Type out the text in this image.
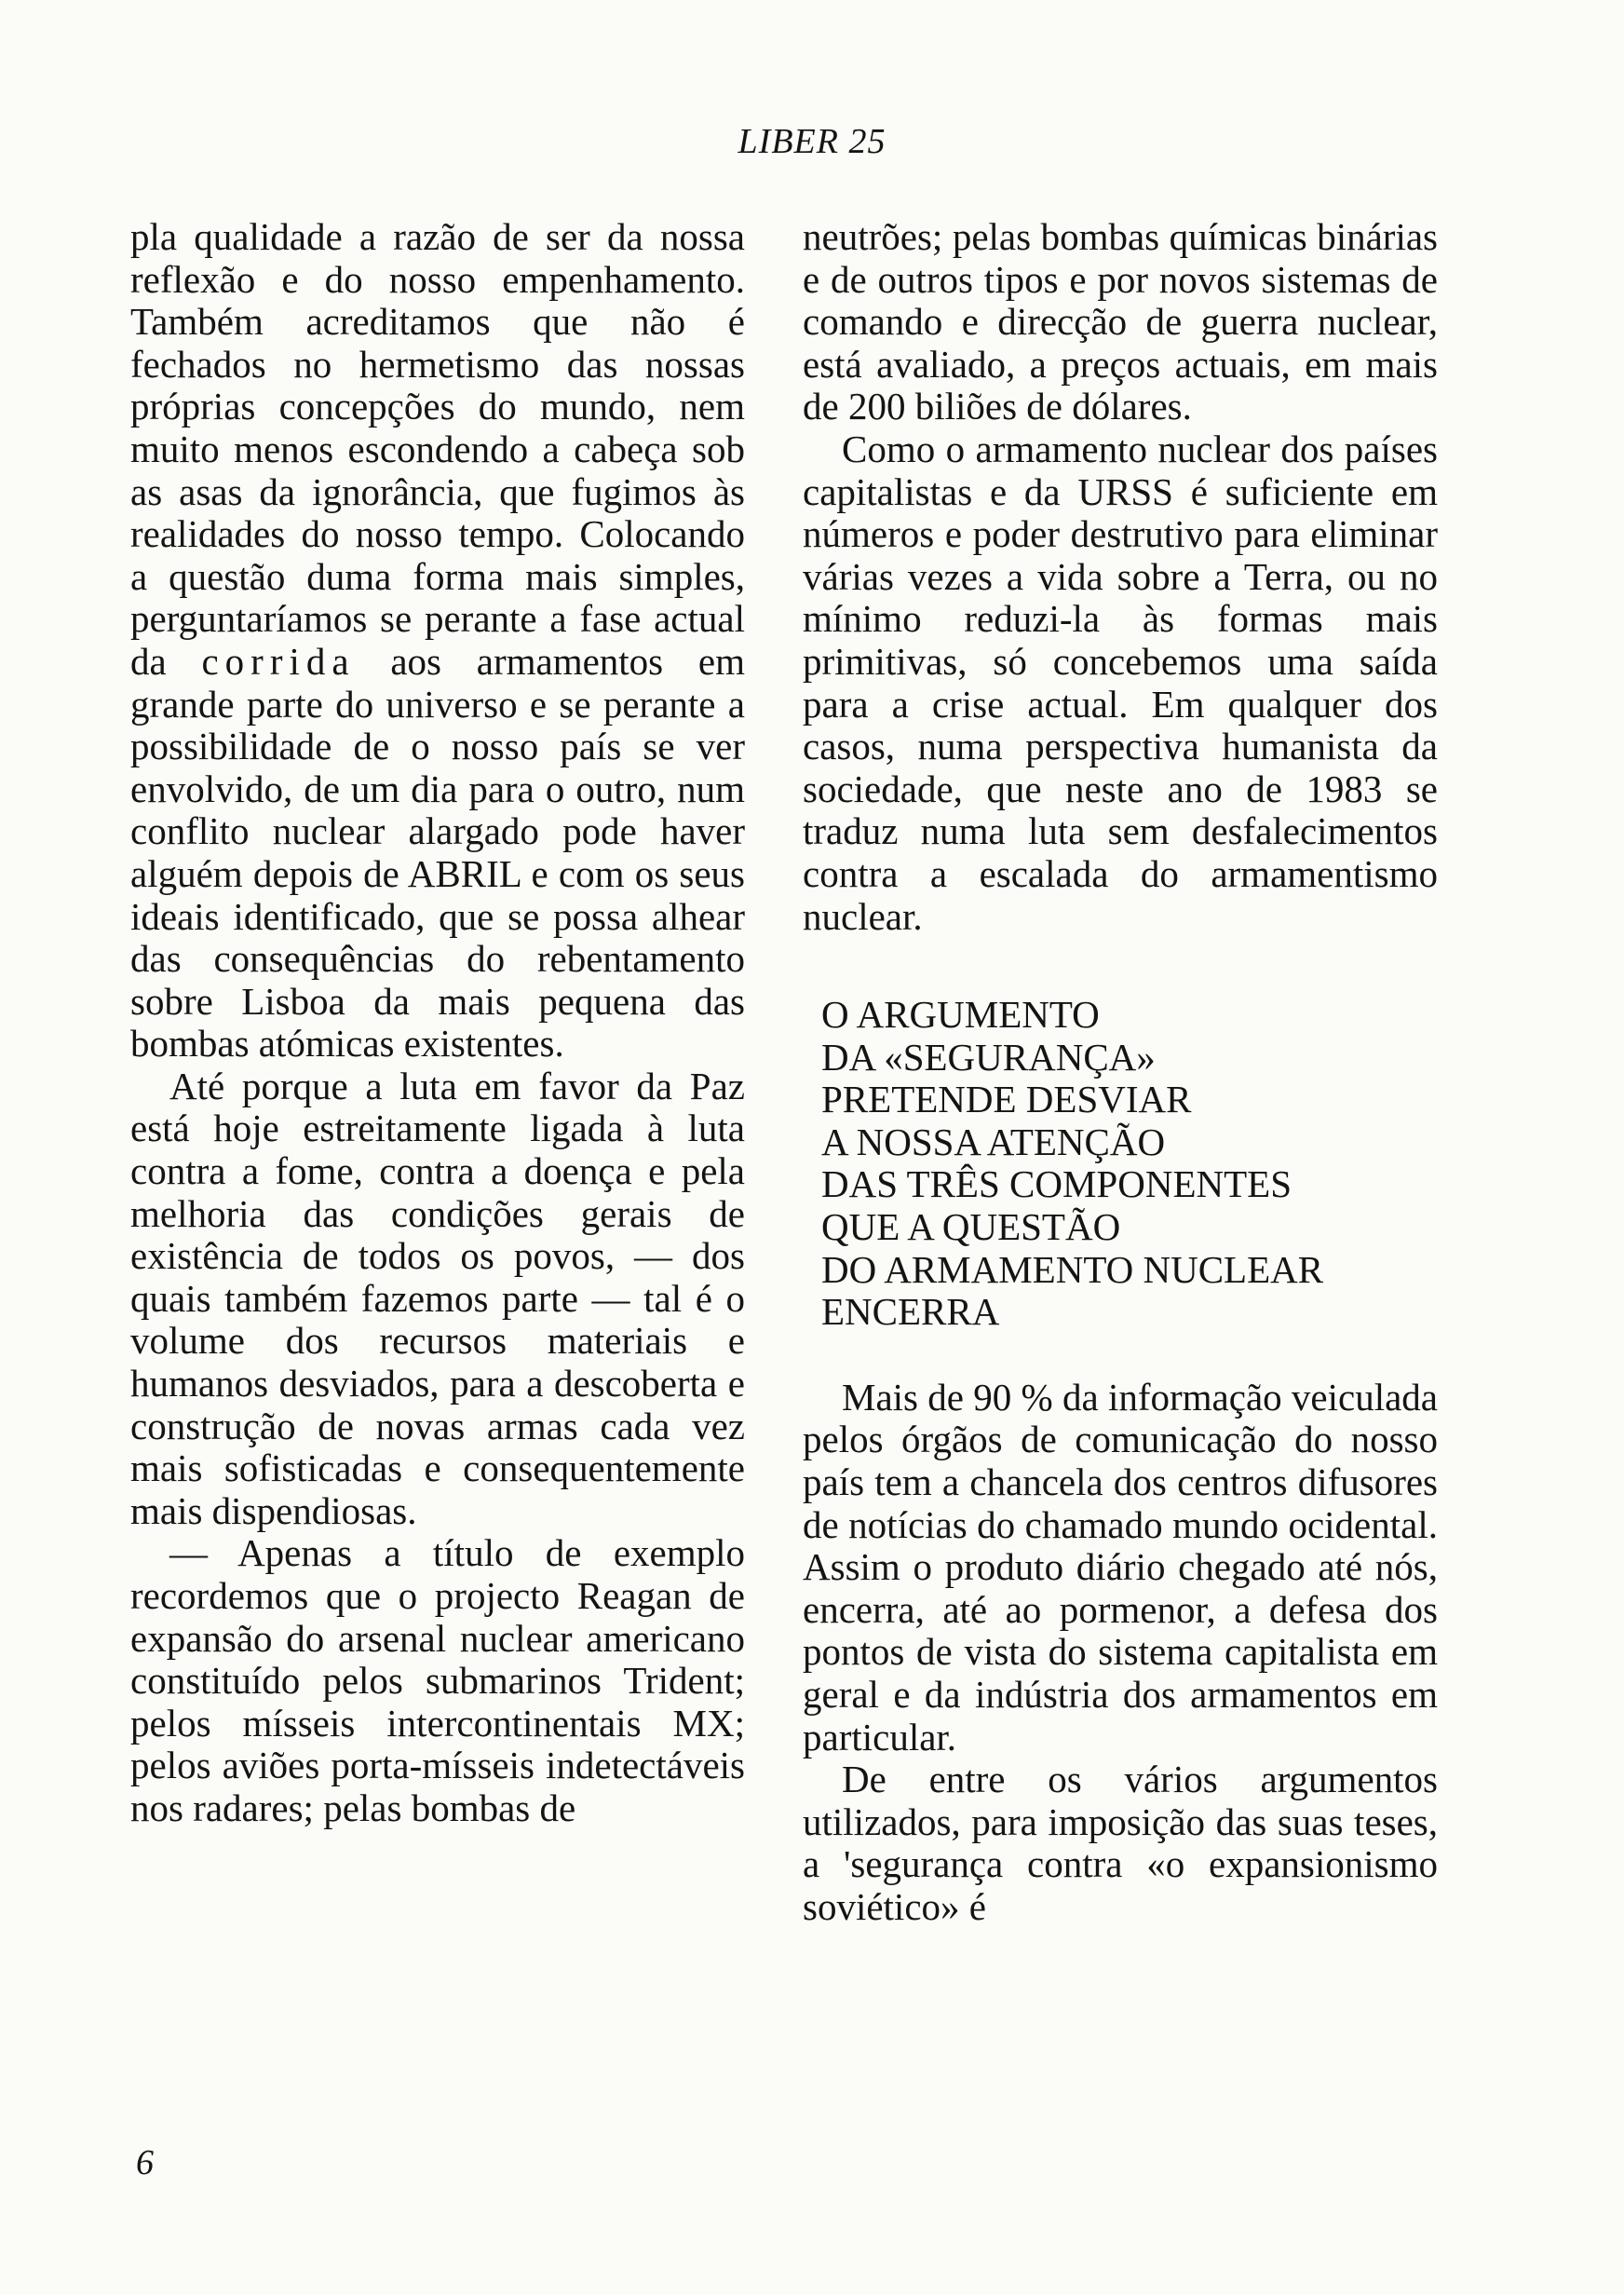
LIBER 25

pla qualidade a razão de ser da nossa reflexão e do nosso empenhamento. Também acreditamos que não é fechados no hermetismo das nossas próprias concepções do mundo, nem muito menos escondendo a cabeça sob as asas da ignorância, que fugimos às realidades do nosso tempo. Colocando a questão duma forma mais simples, perguntaríamos se perante a fase actual da corrida aos armamentos em grande parte do universo e se perante a possibilidade de o nosso país se ver envolvido, de um dia para o outro, num conflito nuclear alargado pode haver alguém depois de ABRIL e com os seus ideais identificado, que se possa alhear das consequências do rebentamento sobre Lisboa da mais pequena das bombas atómicas existentes.

Até porque a luta em favor da Paz está hoje estreitamente ligada à luta contra a fome, contra a doença e pela melhoria das condições gerais de existência de todos os povos, — dos quais também fazemos parte — tal é o volume dos recursos materiais e humanos desviados, para a descoberta e construção de novas armas cada vez mais sofisticadas e consequentemente mais dispendiosas.

— Apenas a título de exemplo recordemos que o projecto Reagan de expansão do arsenal nuclear americano constituído pelos submarinos Trident; pelos mísseis intercontinentais MX; pelos aviões porta-mísseis indetectáveis nos radares; pelas bombas de

neutrões; pelas bombas químicas binárias e de outros tipos e por novos sistemas de comando e direcção de guerra nuclear, está avaliado, a preços actuais, em mais de 200 biliões de dólares.

Como o armamento nuclear dos países capitalistas e da URSS é suficiente em números e poder destrutivo para eliminar várias vezes a vida sobre a Terra, ou no mínimo reduzi-la às formas mais primitivas, só concebemos uma saída para a crise actual. Em qualquer dos casos, numa perspectiva humanista da sociedade, que neste ano de 1983 se traduz numa luta sem desfalecimentos contra a escalada do armamentismo nuclear.

O ARGUMENTO
DA «SEGURANÇA»
PRETENDE DESVIAR
A NOSSA ATENÇÃO
DAS TRÊS COMPONENTES
QUE A QUESTÃO
DO ARMAMENTO NUCLEAR
ENCERRA

Mais de 90 % da informação veiculada pelos órgãos de comunicação do nosso país tem a chancela dos centros difusores de notícias do chamado mundo ocidental. Assim o produto diário chegado até nós, encerra, até ao pormenor, a defesa dos pontos de vista do sistema capitalista em geral e da indústria dos armamentos em particular.

De entre os vários argumentos utilizados, para imposição das suas teses, a 'segurança contra «o expansionismo soviético» é

6
